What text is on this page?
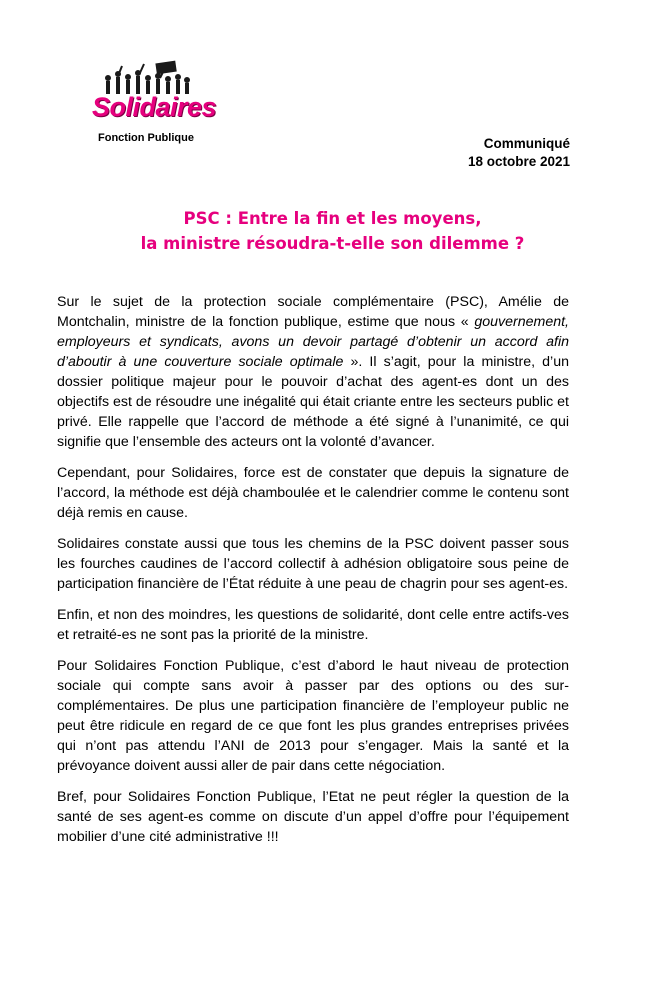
Solidaires
Fonction Publique	Communiqué
18 octobre 2021
PSC : Entre la fin et les moyens,
la ministre résoudra-t-elle son dilemme ?

Sur le sujet de la protection sociale complémentaire (PSC), Amélie de Montchalin, ministre de la fonction publique, estime que nous « gouvernement, employeurs et syndicats, avons un devoir partagé d’obtenir un accord afin d’aboutir à une couverture sociale optimale ». Il s’agit, pour la ministre, d’un dossier politique majeur pour le pouvoir d’achat des agent-es dont un des objectifs est de résoudre une inégalité qui était criante entre les secteurs public et privé. Elle rappelle que l’accord de méthode a été signé à l’unanimité, ce qui signifie que l’ensemble des acteurs ont la volonté d’avancer.

Cependant, pour Solidaires, force est de constater que depuis la signature de l’accord, la méthode est déjà chamboulée et le calendrier comme le contenu sont déjà remis en cause.

Solidaires constate aussi que tous les chemins de la PSC doivent passer sous les fourches caudines de l’accord collectif à adhésion obligatoire sous peine de participation financière de l’État réduite à une peau de chagrin pour ses agent-es.

Enfin, et non des moindres, les questions de solidarité, dont celle entre actifs-ves et retraité-es ne sont pas la priorité de la ministre.

Pour Solidaires Fonction Publique, c’est d’abord le haut niveau de protection sociale qui compte sans avoir à passer par des options ou des sur-complémentaires. De plus une participation financière de l’employeur public ne peut être ridicule en regard de ce que font les plus grandes entreprises privées qui n’ont pas attendu l’ANI de 2013 pour s’engager. Mais la santé et la prévoyance doivent aussi aller de pair dans cette négociation.

Bref, pour Solidaires Fonction Publique, l’Etat ne peut régler la question de la santé de ses agent-es comme on discute d’un appel d’offre pour l’équipement mobilier d’une cité administrative !!!
